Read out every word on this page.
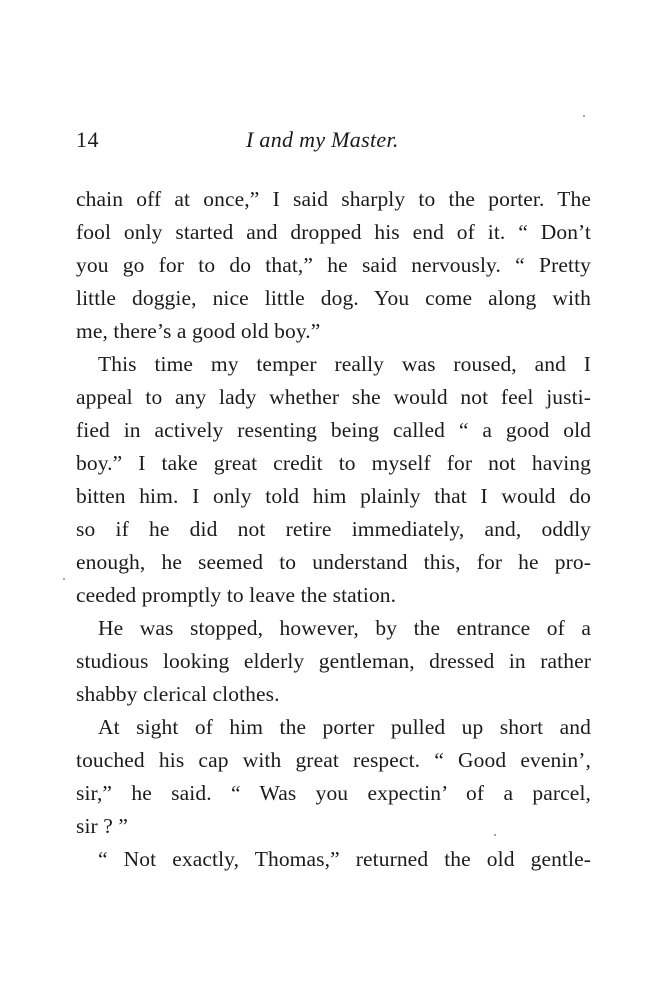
14	I and my Master.
chain off at once,” I said sharply to the porter. The
fool only started and dropped his end of it. “ Don’t
you go for to do that,” he said nervously. “ Pretty
little doggie, nice little dog. You come along with
me, there’s a good old boy.”
This time my temper really was roused, and I
appeal to any lady whether she would not feel justi-
fied in actively resenting being called “ a good old
boy.” I take great credit to myself for not having
bitten him. I only told him plainly that I would do
so if he did not retire immediately, and, oddly
enough, he seemed to understand this, for he pro-
ceeded promptly to leave the station.
He was stopped, however, by the entrance of a
studious looking elderly gentleman, dressed in rather
shabby clerical clothes.
At sight of him the porter pulled up short and
touched his cap with great respect. “ Good evenin’,
sir,” he said. “ Was you expectin’ of a parcel,
sir ? ”
“ Not exactly, Thomas,” returned the old gentle-
